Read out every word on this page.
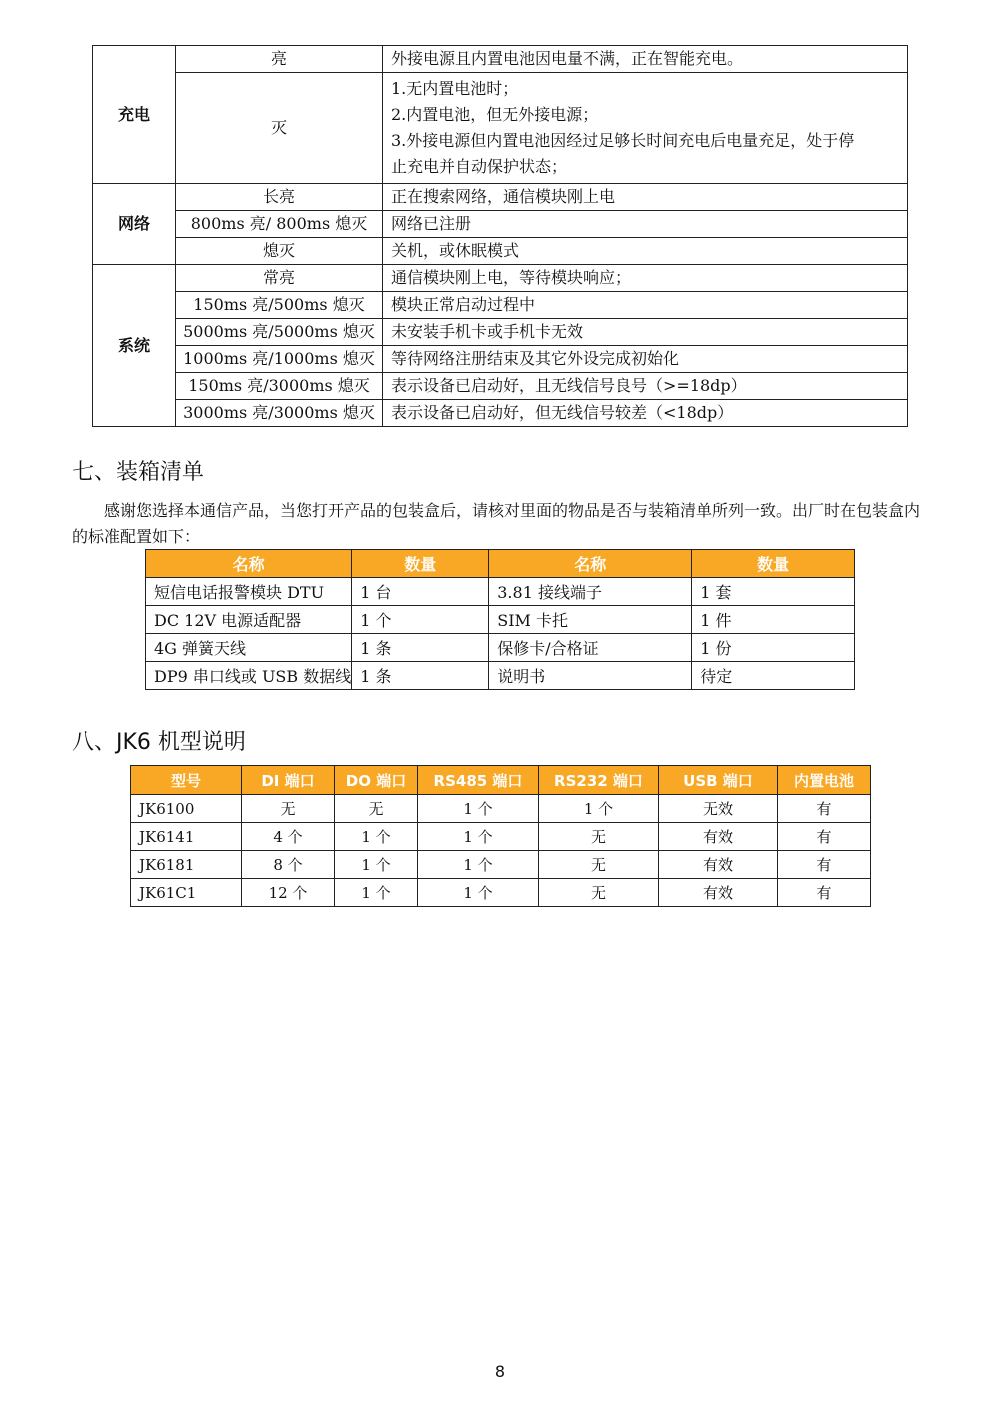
充电	亮	外接电源且内置电池因电量不满，正在智能充电。
	灭	1.无内置电池时；
2.内置电池，但无外接电源；
3.外接电源但内置电池因经过足够长时间充电后电量充足，处于停
止充电并自动保护状态；

网络	长亮	正在搜索网络，通信模块刚上电
	800ms 亮/ 800ms 熄灭	网络已注册
	熄灭	关机，或休眠模式
系统	常亮	通信模块刚上电，等待模块响应；
	150ms 亮/500ms 熄灭	模块正常启动过程中
	5000ms 亮/5000ms 熄灭	未安装手机卡或手机卡无效
	1000ms 亮/1000ms 熄灭	等待网络注册结束及其它外设完成初始化
	150ms 亮/3000ms 熄灭	表示设备已启动好，且无线信号良号（>=18dp）
	3000ms 亮/3000ms 熄灭	表示设备已启动好，但无线信号较差（<18dp）
七、装箱清单

感谢您选择本通信产品，当您打开产品的包装盒后，请核对里面的物品是否与装箱清单所列一致。出厂时在包装盒内的标准配置如下：

名称	数量	名称	数量
短信电话报警模块 DTU	1 台	3.81 接线端子	1 套
DC 12V 电源适配器	1 个	SIM 卡托	1 件
4G 弹簧天线	1 条	保修卡/合格证	1 份
DP9 串口线或 USB 数据线	1 条	说明书	待定
八、JK6 机型说明
型号	DI 端口	DO 端口	RS485 端口	RS232 端口	USB 端口	内置电池
JK6100	无	无	1 个	1 个	无效	有
JK6141	4 个	1 个	1 个	无	有效	有
JK6181	8 个	1 个	1 个	无	有效	有
JK61C1	12 个	1 个	1 个	无	有效	有
8
